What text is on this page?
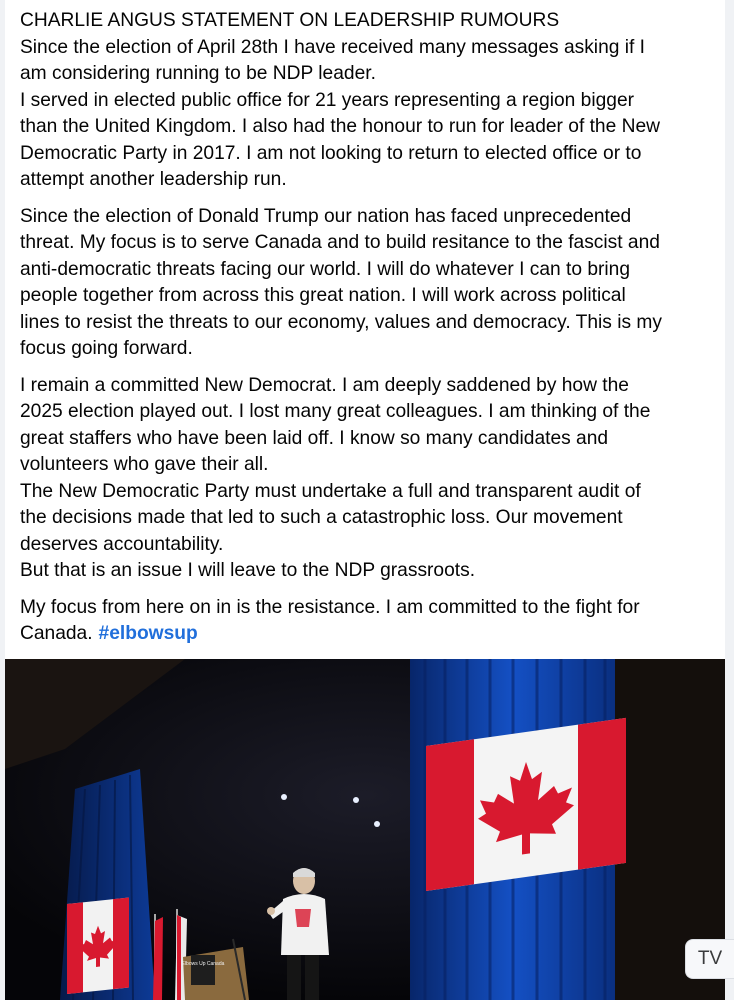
CHARLIE ANGUS STATEMENT ON LEADERSHIP RUMOURS

Since the election of April 28th I have received many messages asking if I
am considering running to be NDP leader.
I served in elected public office for 21 years representing a region bigger
than the United Kingdom. I also had the honour to run for leader of the New
Democratic Party in 2017. I am not looking to return to elected office or to
attempt another leadership run.

Since the election of Donald Trump our nation has faced unprecedented
threat. My focus is to serve Canada and to build resitance to the fascist and
anti-democratic threats facing our world. I will do whatever I can to bring
people together from across this great nation. I will work across political
lines to resist the threats to our economy, values and democracy. This is my
focus going forward.

I remain a committed New Democrat. I am deeply saddened by how the
2025 election played out. I lost many great colleagues. I am thinking of the
great staffers who have been laid off. I know so many candidates and
volunteers who gave their all.
The New Democratic Party must undertake a full and transparent audit of
the decisions made that led to such a catastrophic loss. Our movement
deserves accountability.
But that is an issue I will leave to the NDP grassroots.

My focus from here on in is the resistance. I am committed to the fight for
Canada. #elbowsup

Elbows Up Canada	TV
